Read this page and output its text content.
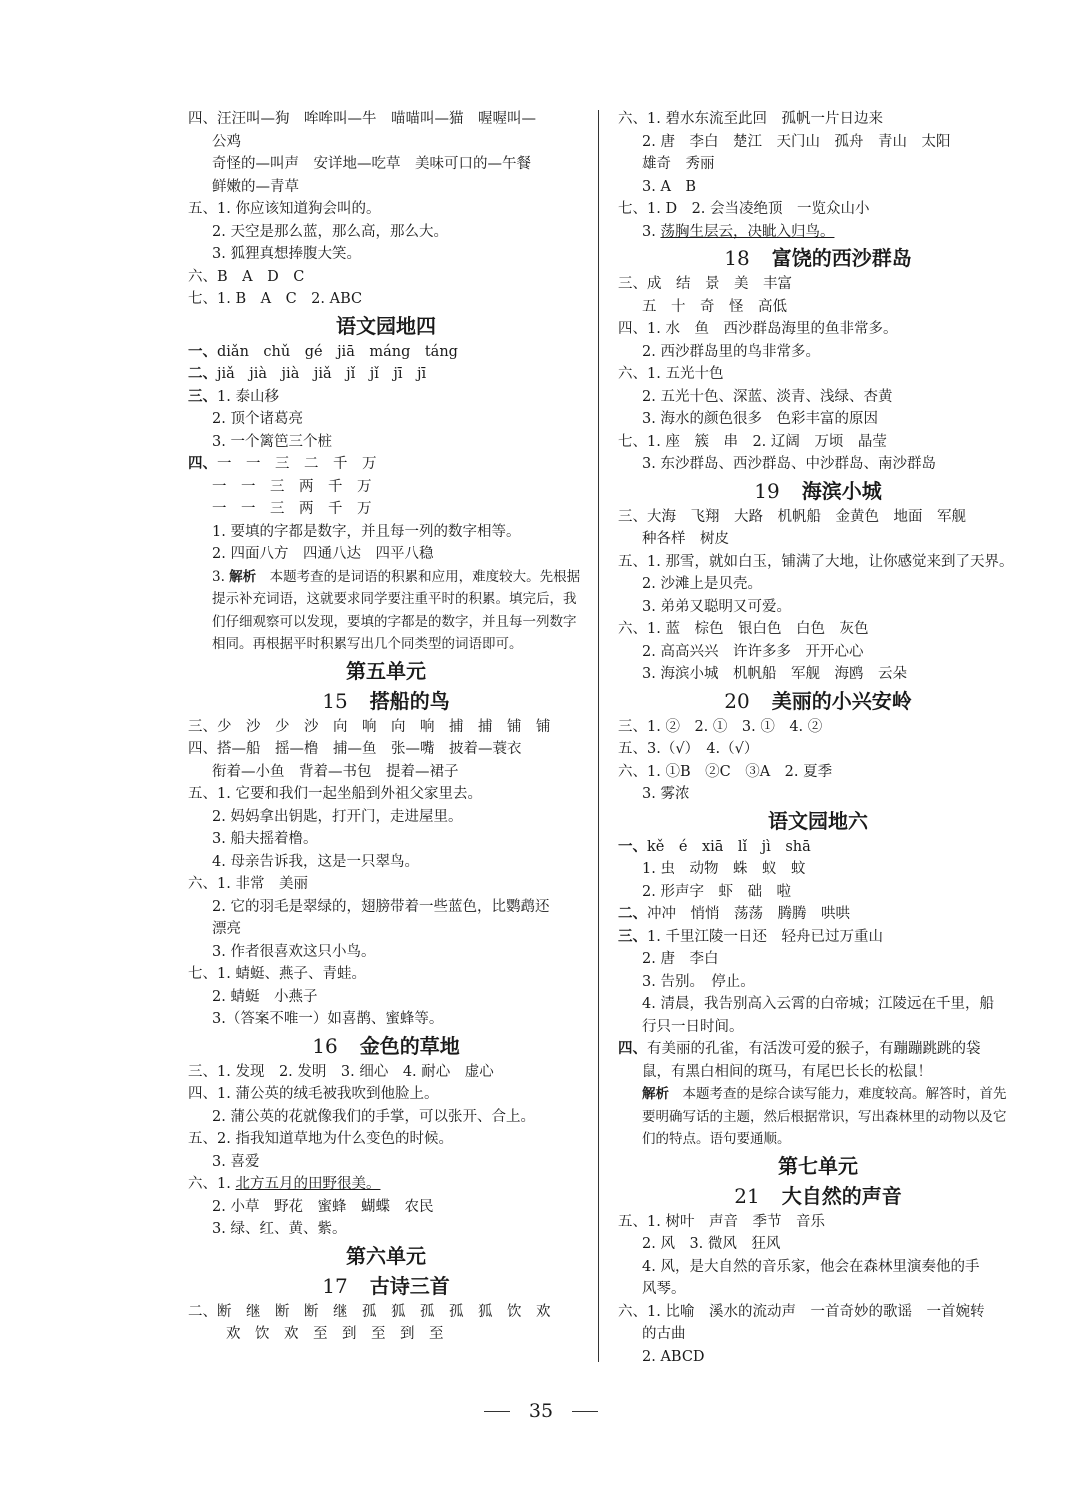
四、汪汪叫—狗　哞哞叫—牛　喵喵叫—猫　喔喔叫—
公鸡
奇怪的—叫声　安详地—吃草　美味可口的—午餐
鲜嫩的—青草
五、1. 你应该知道狗会叫的。
2. 天空是那么蓝，那么高，那么大。
3. 狐狸真想捧腹大笑。
六、B　A　D　C
七、1. B　A　C　2. ABC
语文园地四
一、diǎn　chǔ　gé　jiā　máng　táng
二、jiǎ　jià　jià　jiǎ　jǐ　jǐ　jī　jī
三、1. 泰山移
2. 顶个诸葛亮
3. 一个篱笆三个桩
四、一　一　三　二　千　万
一　一　三　两　千　万
一　一　三　两　千　万
1. 要填的字都是数字，并且每一列的数字相等。
2. 四面八方　四通八达　四平八稳
3. 解析　 本题考查的是词语的积累和应用，难度较大。先根据提示补充词语，这就要求同学要注重平时的积累。填完后，我们仔细观察可以发现，要填的字都是的数字，并且每一列数字相同。再根据平时积累写出几个同类型的词语即可。
第五单元
15 搭船的鸟
三、少　沙　少　沙　向　响　向　响　捕　捕　铺　铺
四、搭—船　摇—橹　捕—鱼　张—嘴　披着—蓑衣
衔着—小鱼　背着—书包　提着—裙子
五、1. 它要和我们一起坐船到外祖父家里去。
2. 妈妈拿出钥匙，打开门，走进屋里。
3. 船夫摇着橹。
4. 母亲告诉我，这是一只翠鸟。
六、1. 非常　美丽
2. 它的羽毛是翠绿的，翅膀带着一些蓝色，比鹦鹉还
漂亮
3. 作者很喜欢这只小鸟。
七、1. 蜻蜓、燕子、青蛙。
2. 蜻蜓　小燕子
3.（答案不唯一）如喜鹊、蜜蜂等。
16 金色的草地
三、1. 发现　2. 发明　3. 细心　4. 耐心　虚心
四、1. 蒲公英的绒毛被我吹到他脸上。
2. 蒲公英的花就像我们的手掌，可以张开、合上。
五、2. 指我知道草地为什么变色的时候。
3. 喜爱
六、1. 北方五月的田野很美。
2. 小草　野花　蜜蜂　蝴蝶　农民
3. 绿、红、黄、紫。
第六单元
17 古诗三首
二、断　继　断　断　继　孤　狐　孤　孤　狐　饮　欢
欢　饮　欢　至　到　至　到　至
六、1. 碧水东流至此回　孤帆一片日边来
2. 唐　李白　楚江　天门山　孤舟　青山　太阳
雄奇　秀丽
3. A　B
七、1. D　2. 会当凌绝顶　一览众山小
3. 荡胸生层云，决眦入归鸟。
18 富饶的西沙群岛
三、成　结　景　美　丰富
五　十　奇　怪　高低
四、1. 水　鱼　西沙群岛海里的鱼非常多。
2. 西沙群岛里的鸟非常多。
六、1. 五光十色
2. 五光十色、深蓝、淡青、浅绿、杏黄
3. 海水的颜色很多　色彩丰富的原因
七、1. 座　簇　串　2. 辽阔　万顷　晶莹
3. 东沙群岛、西沙群岛、中沙群岛、南沙群岛
19 海滨小城
三、大海　飞翔　大路　机帆船　金黄色　地面　军舰
种各样　树皮
五、1. 那雪，就如白玉，铺满了大地，让你感觉来到了天界。
2. 沙滩上是贝壳。
3. 弟弟又聪明又可爱。
六、1. 蓝　棕色　银白色　白色　灰色
2. 高高兴兴　许许多多　开开心心
3. 海滨小城　机帆船　军舰　海鸥　云朵
20 美丽的小兴安岭
三、1. ②　2. ①　3. ①　4. ②
五、3.（√）　4.（√）
六、1. ①B　②C　③A　2. 夏季
3. 雾浓
语文园地六
一、kě　é　xiā　lǐ　jì　shā
1. 虫　动物　蛛　蚁　蚊
2. 形声字　虾　础　啦
二、冲冲　悄悄　荡荡　腾腾　哄哄
三、1. 千里江陵一日还　轻舟已过万重山
2. 唐　李白
3. 告别。　停止。
4. 清晨，我告别高入云霄的白帝城；江陵远在千里，船
行只一日时间。
四、有美丽的孔雀，有活泼可爱的猴子，有蹦蹦跳跳的袋
鼠，有黑白相间的斑马，有尾巴长长的松鼠！
解析　 本题考查的是综合读写能力，难度较高。解答时，首先要明确写话的主题，然后根据常识，写出森林里的动物以及它们的特点。语句要通顺。
第七单元
21 大自然的声音
五、1. 树叶　声音　季节　音乐
2. 风　3. 微风　狂风
4. 风，是大自然的音乐家，他会在森林里演奏他的手
风琴。
六、1. 比喻　溪水的流动声　一首奇妙的歌谣　一首婉转
的古曲
2. ABCD
35
